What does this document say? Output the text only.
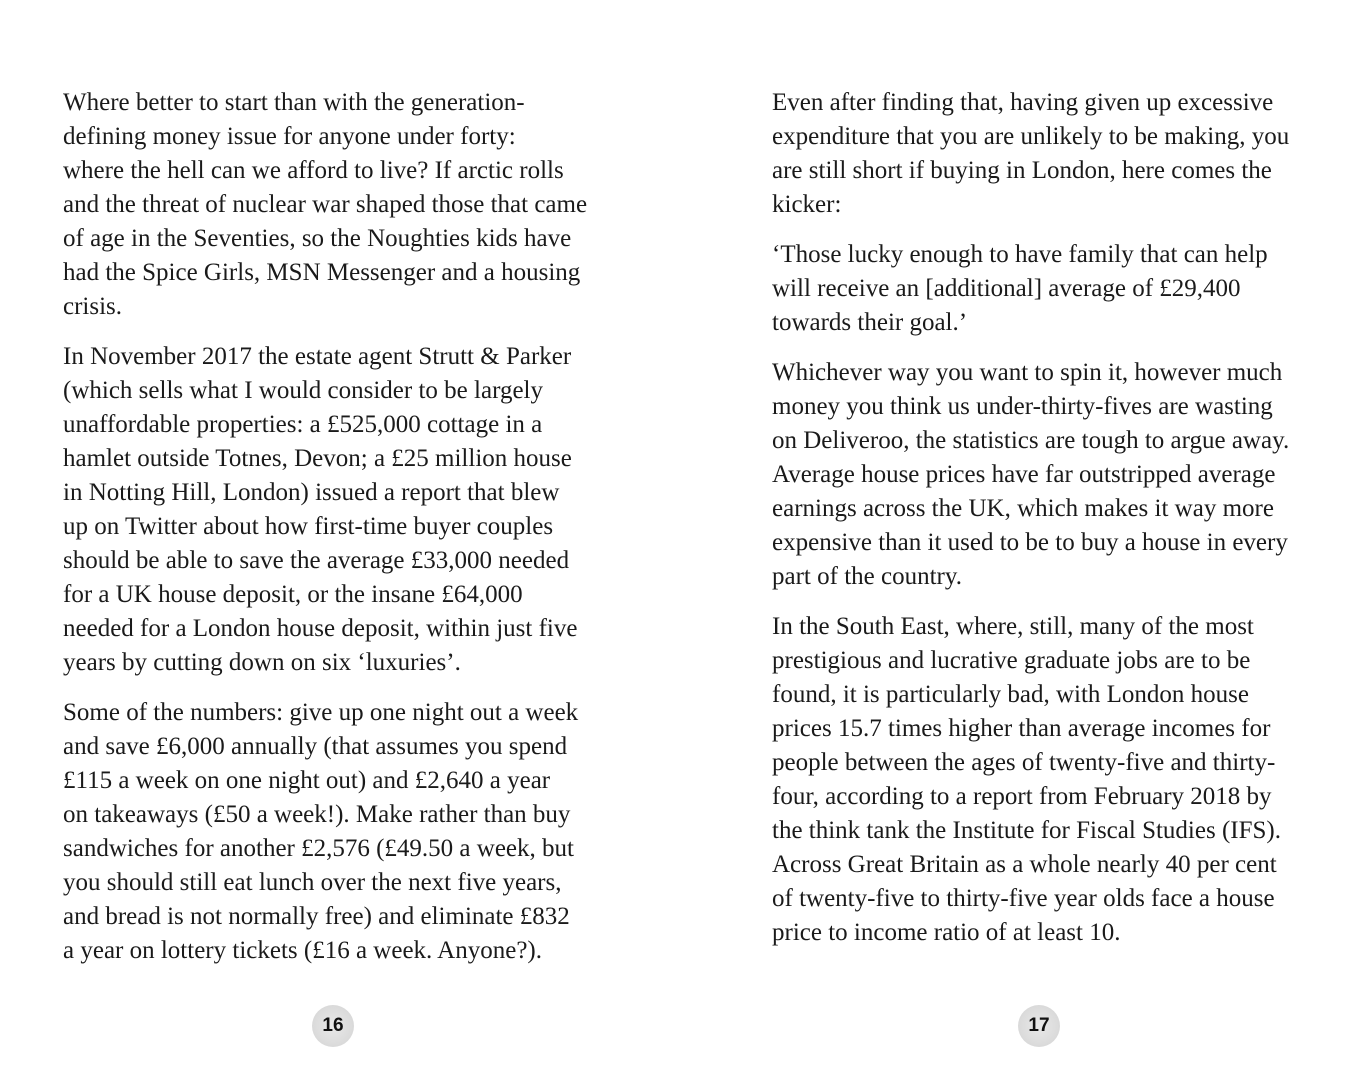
Where better to start than with the generation-
defining money issue for anyone under forty:
where the hell can we afford to live? If arctic rolls
and the threat of nuclear war shaped those that came
of age in the Seventies, so the Noughties kids have
had the Spice Girls, MSN Messenger and a housing
crisis.

In November 2017 the estate agent Strutt & Parker
(which sells what I would consider to be largely
unaffordable properties: a £525,000 cottage in a
hamlet outside Totnes, Devon; a £25 million house
in Notting Hill, London) issued a report that blew
up on Twitter about how first-time buyer couples
should be able to save the average £33,000 needed
for a UK house deposit, or the insane £64,000
needed for a London house deposit, within just five
years by cutting down on six ‘luxuries’.

Some of the numbers: give up one night out a week
and save £6,000 annually (that assumes you spend
£115 a week on one night out) and £2,640 a year
on takeaways (£50 a week!). Make rather than buy
sandwiches for another £2,576 (£49.50 a week, but
you should still eat lunch over the next five years,
and bread is not normally free) and eliminate £832
a year on lottery tickets (£16 a week. Anyone?).

16

Even after finding that, having given up excessive
expenditure that you are unlikely to be making, you
are still short if buying in London, here comes the
kicker:

‘Those lucky enough to have family that can help
will receive an [additional] average of £29,400
towards their goal.’

Whichever way you want to spin it, however much
money you think us under-thirty-fives are wasting
on Deliveroo, the statistics are tough to argue away.
Average house prices have far outstripped average
earnings across the UK, which makes it way more
expensive than it used to be to buy a house in every
part of the country.

In the South East, where, still, many of the most
prestigious and lucrative graduate jobs are to be
found, it is particularly bad, with London house
prices 15.7 times higher than average incomes for
people between the ages of twenty-five and thirty-
four, according to a report from February 2018 by
the think tank the Institute for Fiscal Studies (IFS).
Across Great Britain as a whole nearly 40 per cent
of twenty-five to thirty-five year olds face a house
price to income ratio of at least 10.

17
